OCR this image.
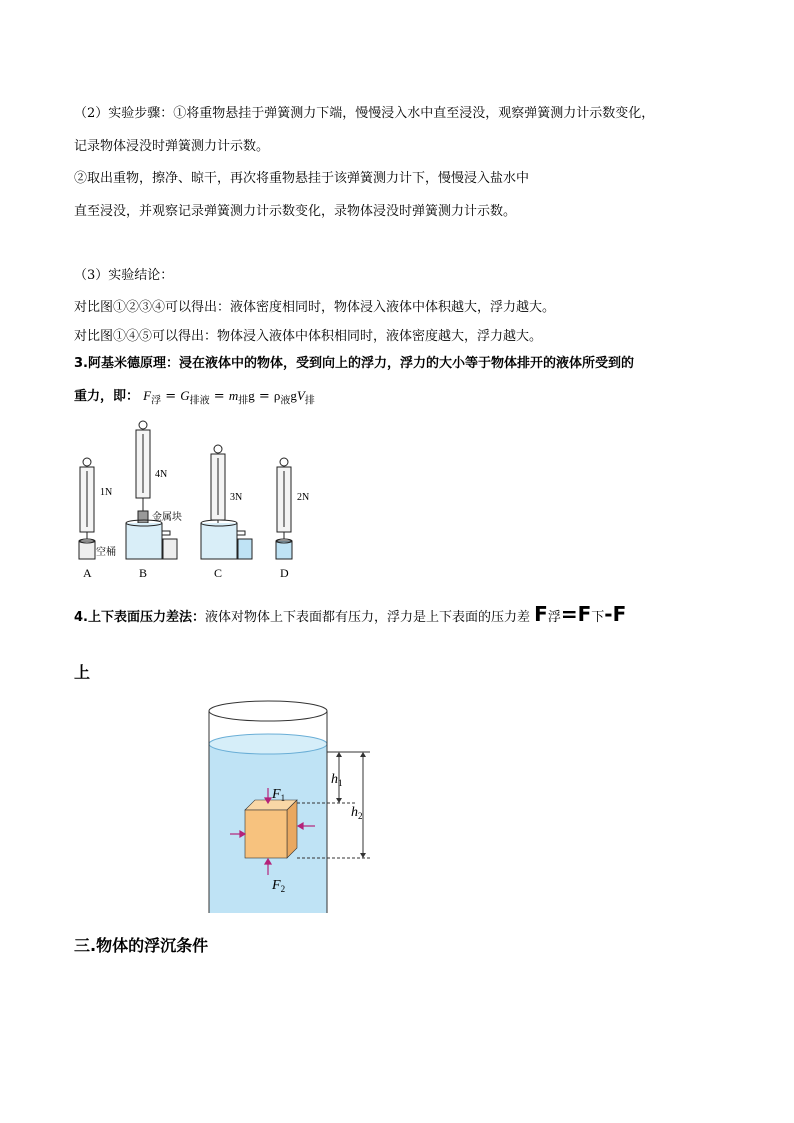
（2）实验步骤：①将重物悬挂于弹簧测力下端，慢慢浸入水中直至浸没，观察弹簧测力计示数变化，
记录物体浸没时弹簧测力计示数。
②取出重物，擦净、晾干，再次将重物悬挂于该弹簧测力计下，慢慢浸入盐水中
直至浸没，并观察记录弹簧测力计示数变化，录物体浸没时弹簧测力计示数。
（3）实验结论：
对比图①②③④可以得出：液体密度相同时，物体浸入液体中体积越大，浮力越大。
对比图①④⑤可以得出：物体浸入液体中体积相同时，液体密度越大，浮力越大。
3.阿基米德原理：浸在液体中的物体，受到向上的浮力，浮力的大小等于物体排开的液体所受到的
重力，即： $F_浮 = G_{排液} = m_排g = \rho_液gV_排$
1N
4N
3N	2N
空桶
金属块
A	B	C	D
4.上下表面压力差法：液体对物体上下表面都有压力，浮力是上下表面的压力差 F浮=F下-F
上
$F_1$
$F_2$
$h_1$
$h_2$
三.物体的浮沉条件
